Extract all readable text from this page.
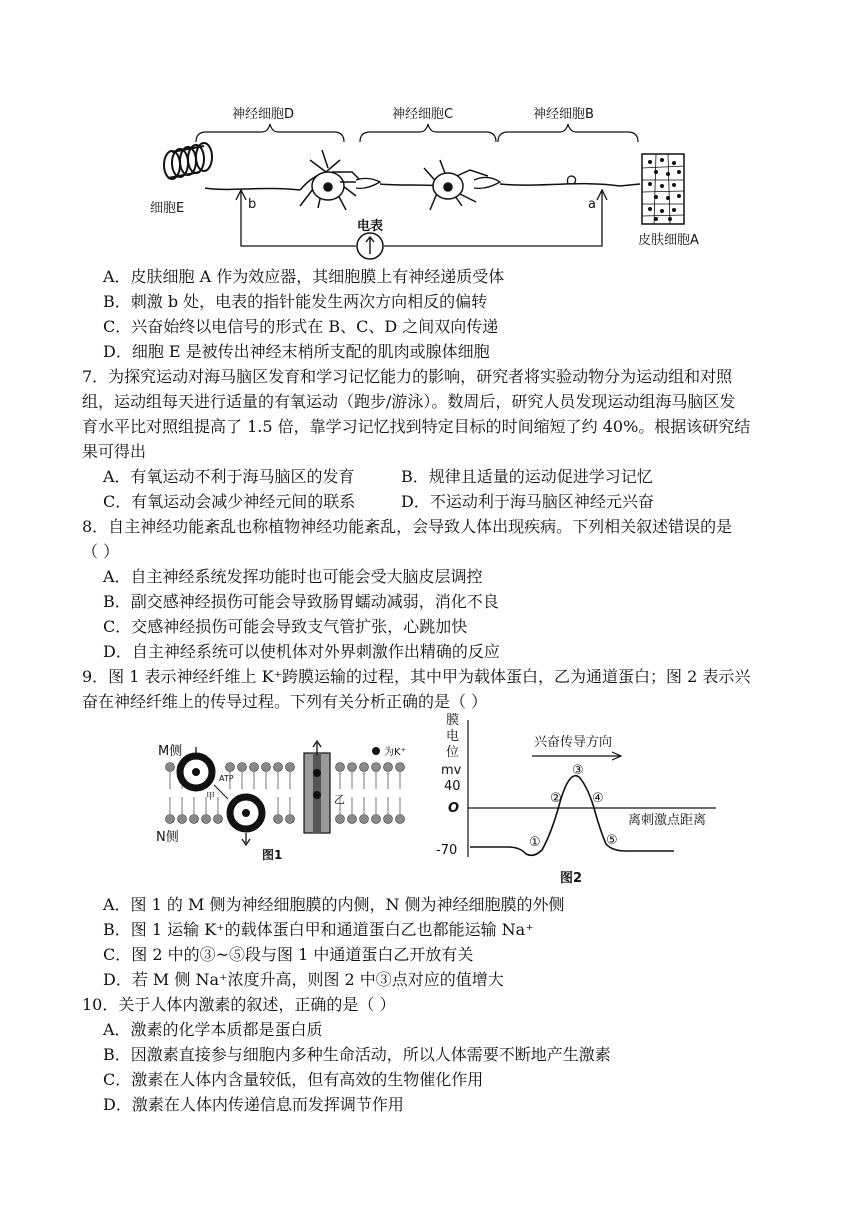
神经细胞D	神经细胞C	神经细胞B
细胞E
皮肤细胞A
b	a
电表
A．皮肤细胞 A 作为效应器，其细胞膜上有神经递质受体
B．刺激 b 处，电表的指针能发生两次方向相反的偏转
C．兴奋始终以电信号的形式在 B、C、D 之间双向传递
D．细胞 E 是被传出神经末梢所支配的肌肉或腺体细胞
7．为探究运动对海马脑区发育和学习记忆能力的影响，研究者将实验动物分为运动组和对照
组，运动组每天进行适量的有氧运动（跑步/游泳）。数周后，研究人员发现运动组海马脑区发
育水平比对照组提高了 1.5 倍，靠学习记忆找到特定目标的时间缩短了约 40%。根据该研究结
果可得出
A．有氧运动不利于海马脑区的发育	B．规律且适量的运动促进学习记忆
C．有氧运动会减少神经元间的联系	D．不运动利于海马脑区神经元兴奋
8．自主神经功能紊乱也称植物神经功能紊乱，会导致人体出现疾病。下列相关叙述错误的是
（ ）
A．自主神经系统发挥功能时也可能会受大脑皮层调控
B．副交感神经损伤可能会导致肠胃蠕动减弱，消化不良
C．交感神经损伤可能会导致支气管扩张，心跳加快
D．自主神经系统可以使机体对外界刺激作出精确的反应
9．图 1 表示神经纤维上 K⁺跨膜运输的过程，其中甲为载体蛋白，乙为通道蛋白；图 2 表示兴
奋在神经纤维上的传导过程。下列有关分析正确的是（ ）
M侧
N侧
为K⁺
ATP
甲	乙
图1
膜
电
位
mv
40
O
-70
兴奋传导方向
离刺激点距离
①
②
③
④
⑤
图2
A．图 1 的 M 侧为神经细胞膜的内侧，N 侧为神经细胞膜的外侧
B．图 1 运输 K⁺的载体蛋白甲和通道蛋白乙也都能运输 Na⁺
C．图 2 中的③~⑤段与图 1 中通道蛋白乙开放有关
D．若 M 侧 Na⁺浓度升高，则图 2 中③点对应的值增大
10．关于人体内激素的叙述，正确的是（ ）
A．激素的化学本质都是蛋白质
B．因激素直接参与细胞内多种生命活动，所以人体需要不断地产生激素
C．激素在人体内含量较低，但有高效的生物催化作用
D．激素在人体内传递信息而发挥调节作用
